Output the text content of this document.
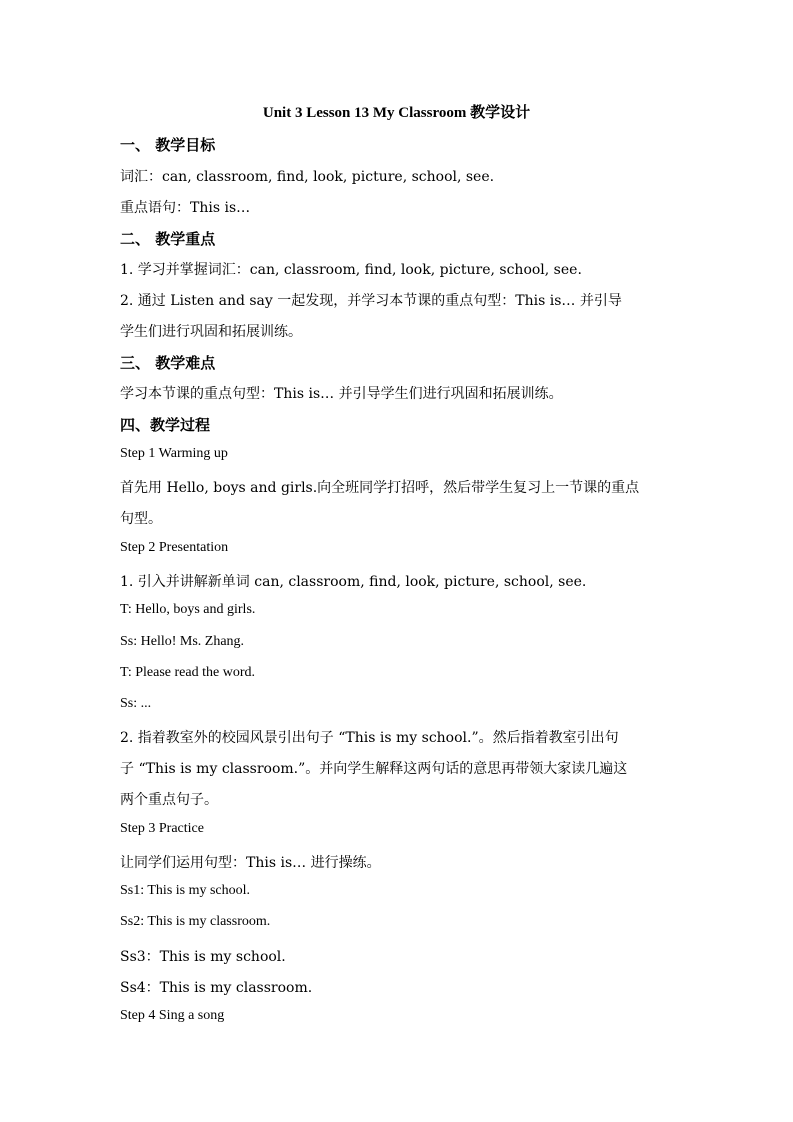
Unit 3 Lesson 13 My Classroom 教学设计
一、 教学目标
词汇：can, classroom, find, look, picture, school, see.
重点语句：This is…
二、 教学重点
1. 学习并掌握词汇：can, classroom, find, look, picture, school, see.
2. 通过 Listen and say 一起发现，并学习本节课的重点句型：This is… 并引导
学生们进行巩固和拓展训练。
三、 教学难点
学习本节课的重点句型：This is… 并引导学生们进行巩固和拓展训练。
四、教学过程
Step 1 Warming up
首先用 Hello, boys and girls.向全班同学打招呼，然后带学生复习上一节课的重点
句型。
Step 2 Presentation
1. 引入并讲解新单词 can, classroom, find, look, picture, school, see.
T: Hello, boys and girls.
Ss: Hello! Ms. Zhang.
T: Please read the word.
Ss: ...
2. 指着教室外的校园风景引出句子 “This is my school.”。然后指着教室引出句
子 “This is my classroom.”。并向学生解释这两句话的意思再带领大家读几遍这
两个重点句子。
Step 3 Practice
让同学们运用句型：This is… 进行操练。
Ss1: This is my school.
Ss2: This is my classroom.
Ss3：This is my school.
Ss4：This is my classroom.
Step 4 Sing a song
